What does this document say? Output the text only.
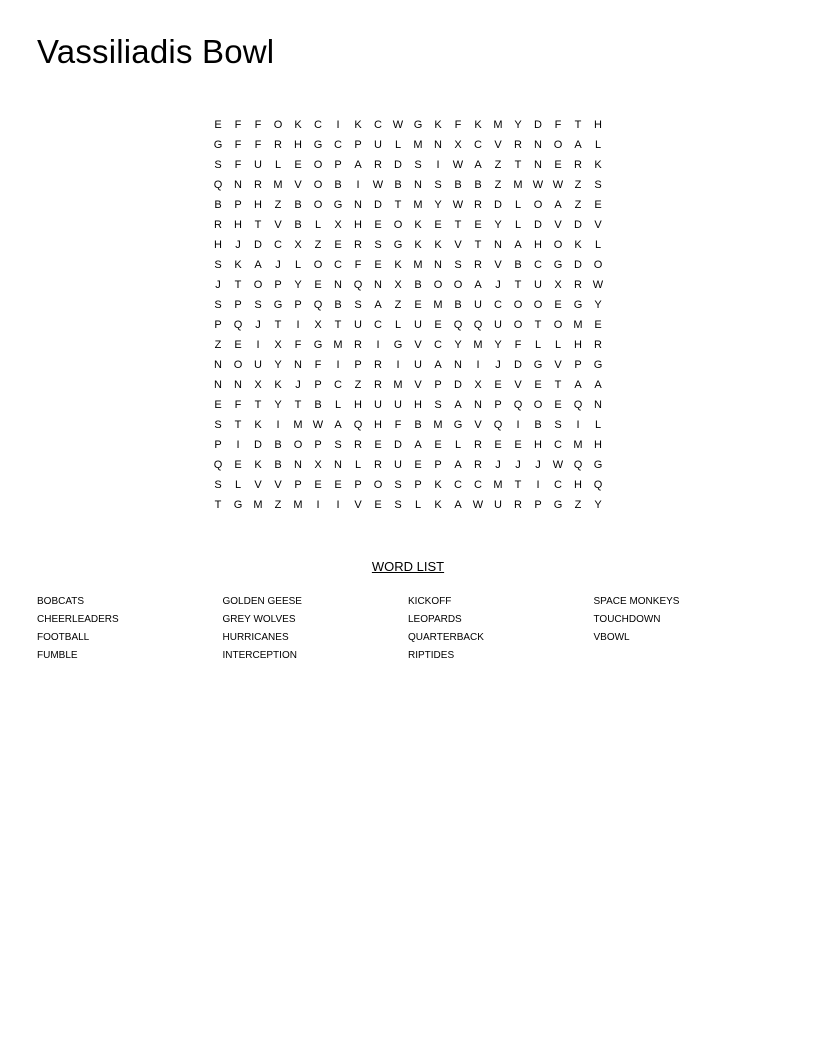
Vassiliadis Bowl
E	F	F	O	K	C	I	K	C W G	K	F	K	M	Y	D	F	T	H
G	F	F	R	H	G	C	P	U	L	M	N	X	C	V	R	N	O	A	L
S	F	U	L	E	O	P	A	R	D	S	I	W	A	Z	T	N	E	R	K
Q	N	R	M	V	O	B	I	W	B	N	S	B	B	Z	M W W	Z	S
B	P	H	Z	B	O	G	N	D	T	M	Y	W R	D	L	O	A	Z	E
R	H	T	V	B	L	X	H	E	O	K	E	T	E	Y	L	D	V	D	V
H	J	D	C	X	Z	E	R	S	G	K	K	V	T	N	A	H	O	K	L
S	K	A	J	L	O	C	F	E	K	M	N	S	R	V	B	C	G	D	O
J	T	O	P	Y	E	N	Q	N	X	B	O	O	A	J	T	U	X	R W
S	P	S	G	P	Q	B	S	A	Z	E	M	B	U	C	O	O	E	G	Y
P	Q	J	T	I	X	T	U	C	L	U	E	Q	Q	U	O	T	O	M	E
Z	E	I	X	F	G	M	R	I	G	V	C	Y	M	Y	F	L	L	H	R
N	O	U	Y	N	F	I	P	R	I	U	A	N	I	J	D	G	V	P	G
N	N	X	K	J	P	C	Z	R	M	V	P	D	X	E	V	E	T	A	A
E	F	T	Y	T	B	L	H	U	U	H	S	A	N	P	Q	O	E	Q	N
S	T	K	I	M W	A	Q	H	F	B	M	G	V	Q	I	B	S	I	L
P	I	D	B	O	P	S	R	E	D	A	E	L	R	E	E	H	C	M	H
Q	E	K	B	N	X	N	L	R	U	E	P	A	R	J	J	J	W Q	G
S	L	V	V	P	E	E	P	O	S	P	K	C	C	M	T	I	C	H	Q
T	G	M	Z	M	I	I	V	E	S	L	K	A	W U	R	P	G	Z	Y
WORD LIST
BOBCATS	GOLDEN GEESE	KICKOFF	SPACE MONKEYS
CHEERLEADERS	GREY WOLVES	LEOPARDS	TOUCHDOWN
FOOTBALL	HURRICANES	QUARTERBACK	VBOWL
FUMBLE	INTERCEPTION	RIPTIDES
